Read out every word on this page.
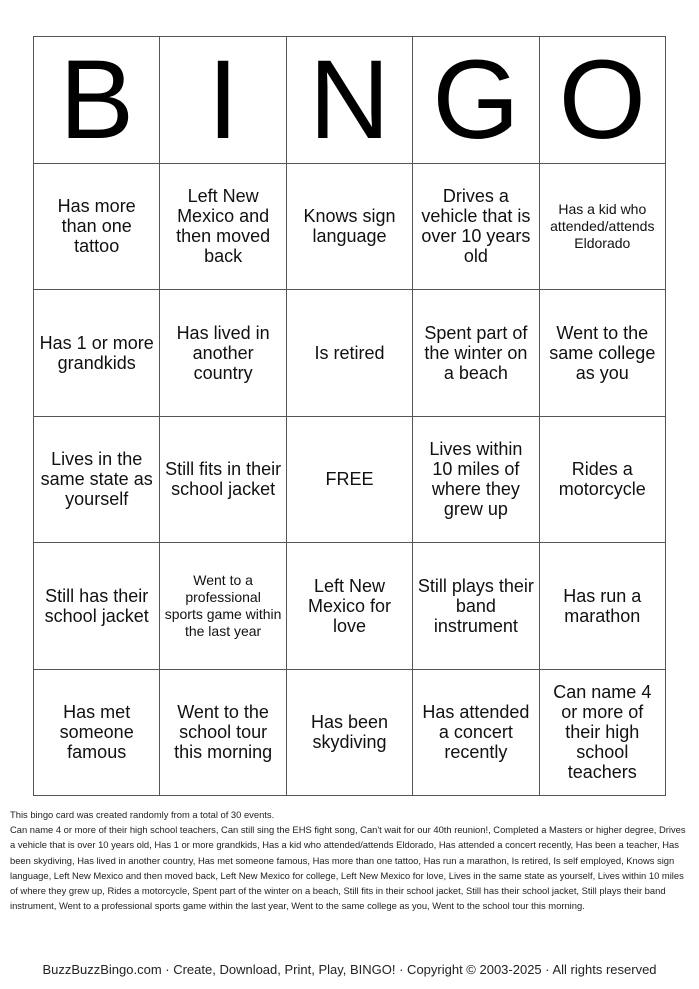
B I N G O
Has more than one tattoo
Left New Mexico and then moved back
Knows sign language
Drives a vehicle that is over 10 years old
Has a kid who attended/attends Eldorado
Has 1 or more grandkids
Has lived in another country
Is retired
Spent part of the winter on a beach
Went to the same college as you
Lives in the same state as yourself
Still fits in their school jacket	FREE
Lives within 10 miles of where they grew up
Rides a motorcycle
Still has their school jacket
Went to a professional sports game within the last year
Left New Mexico for love
Still plays their band instrument
Has run a marathon
Has met someone famous
Went to the school tour this morning
Has been skydiving
Has attended a concert recently
Can name 4 or more of their high school teachers

This bingo card was created randomly from a total of 30 events.

Can name 4 or more of their high school teachers, Can still sing the EHS fight song, Can't wait for our 40th reunion!, Completed a Masters or higher degree, Drives a vehicle that is over 10 years old, Has 1 or more grandkids, Has a kid who attended/attends Eldorado, Has attended a concert recently, Has been a teacher, Has been skydiving, Has lived in another country, Has met someone famous, Has more than one tattoo, Has run a marathon, Is retired, Is self employed, Knows sign language, Left New Mexico and then moved back, Left New Mexico for college, Left New Mexico for love, Lives in the same state as yourself, Lives within 10 miles of where they grew up, Rides a motorcycle, Spent part of the winter on a beach, Still fits in their school jacket, Still has their school jacket, Still plays their band instrument, Went to a professional sports game within the last year, Went to the same college as you, Went to the school tour this morning.

BuzzBuzzBingo.com · Create, Download, Print, Play, BINGO! · Copyright © 2003-2025 · All rights reserved
